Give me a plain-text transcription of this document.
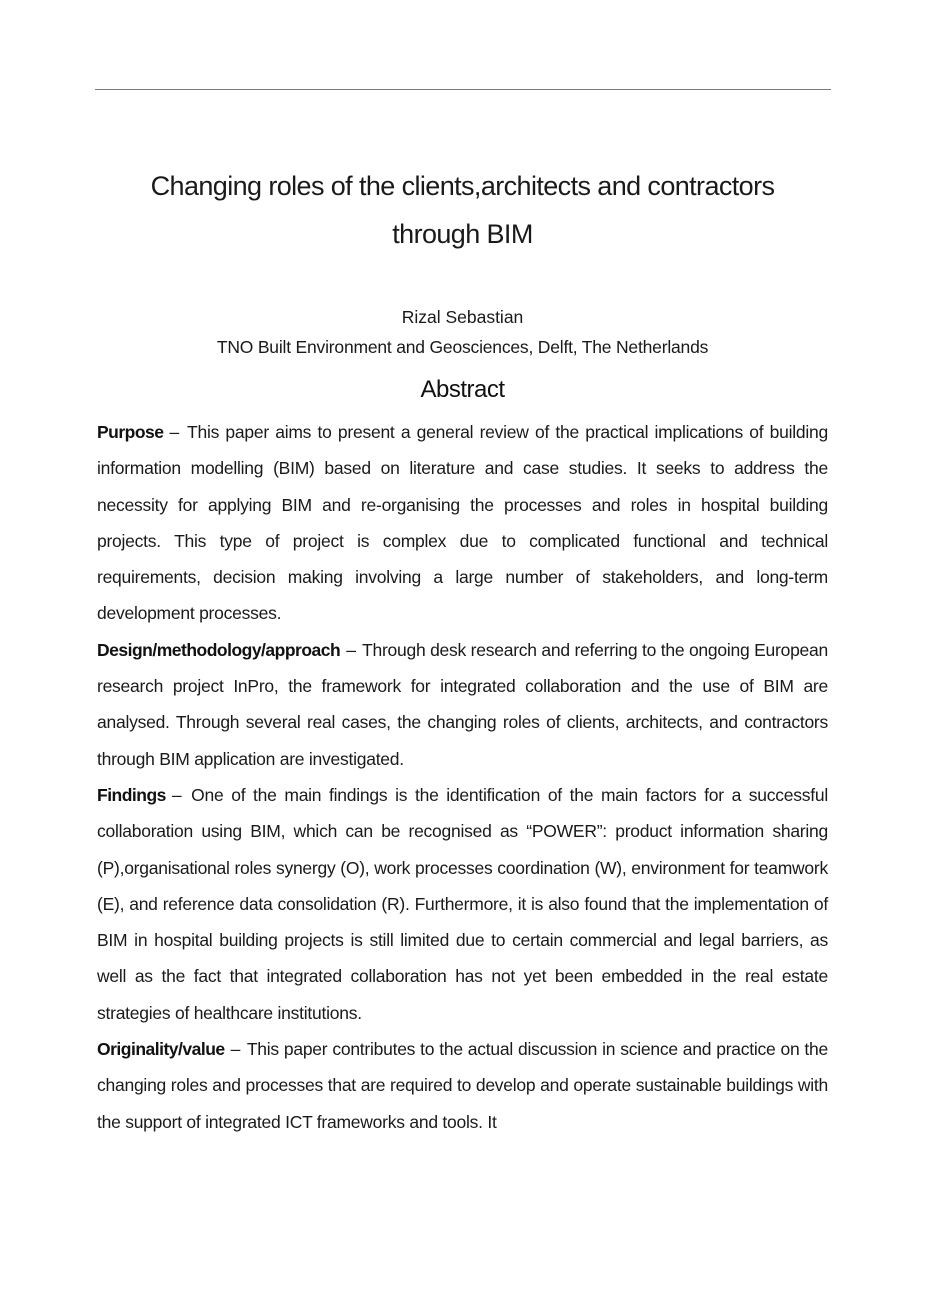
Changing roles of the clients,architects and contractors
through BIM
Rizal Sebastian
TNO Built Environment and Geosciences, Delft, The Netherlands
Abstract

Purpose – This paper aims to present a general review of the practical implications of building information modelling (BIM) based on literature and case studies. It seeks to address the necessity for applying BIM and re-organising the processes and roles in hospital building projects. This type of project is complex due to complicated functional and technical requirements, decision making involving a large number of stakeholders, and long-term development processes.

Design/methodology/approach – Through desk research and referring to the ongoing European research project InPro, the framework for integrated collaboration and the use of BIM are analysed. Through several real cases, the changing roles of clients, architects, and contractors through BIM application are investigated.

Findings – One of the main findings is the identification of the main factors for a successful collaboration using BIM, which can be recognised as “POWER”: product information sharing (P),organisational roles synergy (O), work processes coordination (W), environment for teamwork (E), and reference data consolidation (R). Furthermore, it is also found that the implementation of BIM in hospital building projects is still limited due to certain commercial and legal barriers, as well as the fact that integrated collaboration has not yet been embedded in the real estate strategies of healthcare institutions.

Originality/value – This paper contributes to the actual discussion in science and practice on the changing roles and processes that are required to develop and operate sustainable buildings with the support of integrated ICT frameworks and tools. It
